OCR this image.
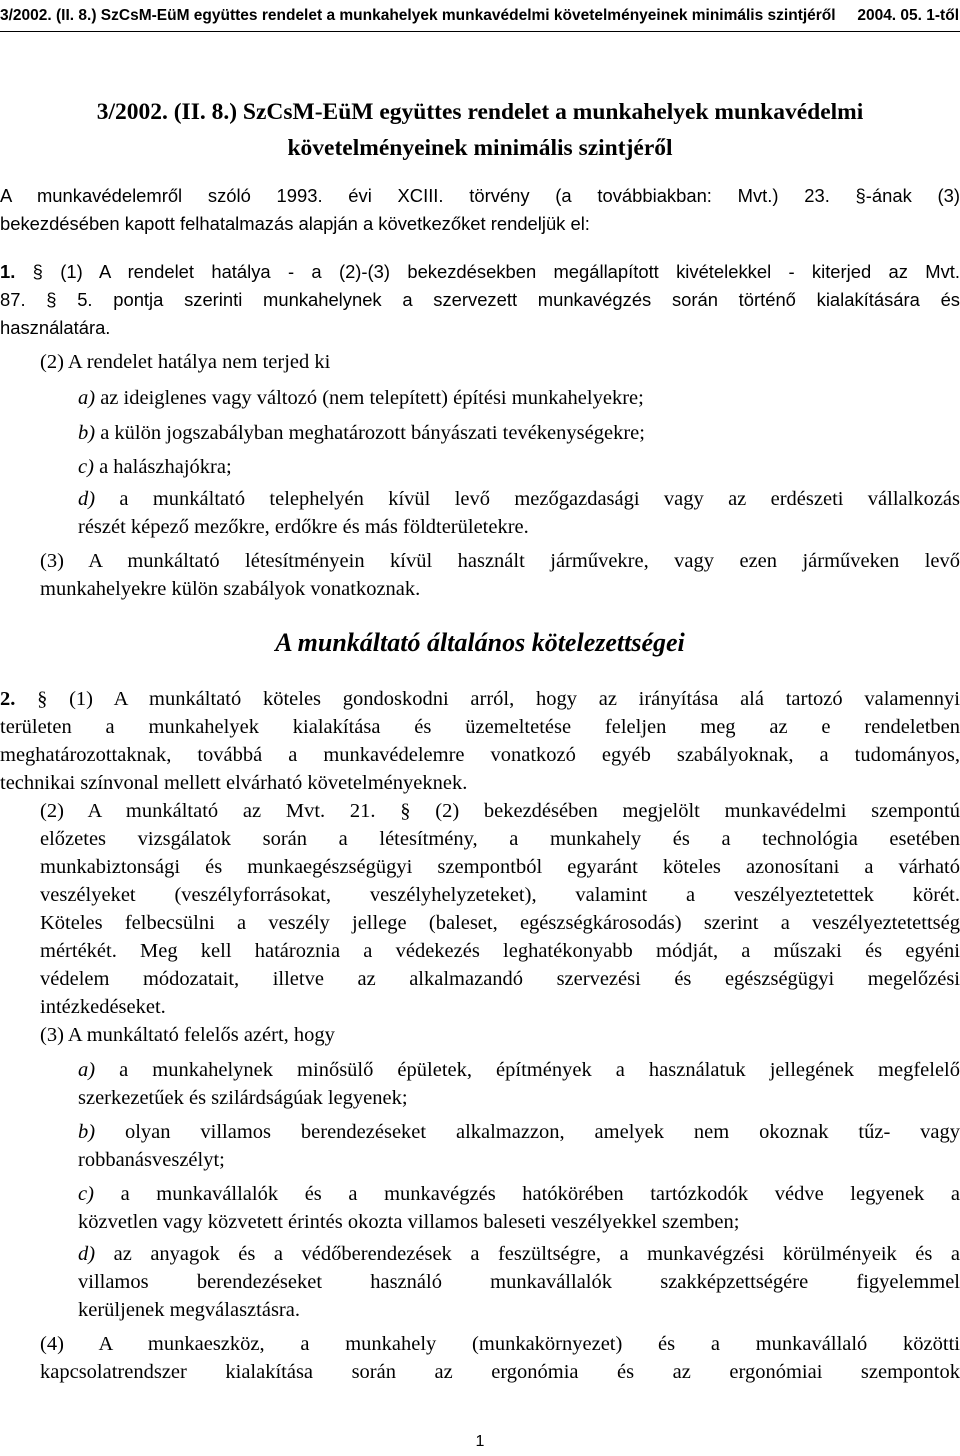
3/2002. (II. 8.) SzCsM-EüM együttes rendelet a munkahelyek munkavédelmi követelményeinek minimális szintjéről 2004. 05. 1-től
3/2002. (II. 8.) SzCsM-EüM együttes rendelet a munkahelyek munkavédelmi
követelményeinek minimális szintjéről
A munkavédelemről szóló 1993. évi XCIII. törvény (a továbbiakban: Mvt.) 23. §-ának (3)
bekezdésében kapott felhatalmazás alapján a következőket rendeljük el:
1. § (1) A rendelet hatálya - a (2)-(3) bekezdésekben megállapított kivételekkel - kiterjed az Mvt.
87. § 5. pontja szerinti munkahelynek a szervezett munkavégzés során történő kialakítására és
használatára.
(2) A rendelet hatálya nem terjed ki
a) az ideiglenes vagy változó (nem telepített) építési munkahelyekre;
b) a külön jogszabályban meghatározott bányászati tevékenységekre;
c) a halászhajókra;
d) a munkáltató telephelyén kívül levő mezőgazdasági vagy az erdészeti vállalkozás
részét képező mezőkre, erdőkre és más földterületekre.
(3) A munkáltató létesítményein kívül használt járművekre, vagy ezen járműveken levő
munkahelyekre külön szabályok vonatkoznak.
A munkáltató általános kötelezettségei
2. § (1) A munkáltató köteles gondoskodni arról, hogy az irányítása alá tartozó valamennyi
területen a munkahelyek kialakítása és üzemeltetése feleljen meg az e rendeletben
meghatározottaknak, továbbá a munkavédelemre vonatkozó egyéb szabályoknak, a tudományos,
technikai színvonal mellett elvárható követelményeknek.
(2) A munkáltató az Mvt. 21. § (2) bekezdésében megjelölt munkavédelmi szempontú
előzetes vizsgálatok során a létesítmény, a munkahely és a technológia esetében
munkabiztonsági és munkaegészségügyi szempontból egyaránt köteles azonosítani a várható
veszélyeket (veszélyforrásokat, veszélyhelyzeteket), valamint a veszélyeztetettek körét.
Köteles felbecsülni a veszély jellege (baleset, egészségkárosodás) szerint a veszélyeztetettség
mértékét. Meg kell határoznia a védekezés leghatékonyabb módját, a műszaki és egyéni
védelem módozatait, illetve az alkalmazandó szervezési és egészségügyi megelőzési
intézkedéseket.
(3) A munkáltató felelős azért, hogy
a) a munkahelynek minősülő épületek, építmények a használatuk jellegének megfelelő
szerkezetűek és szilárdságúak legyenek;
b) olyan villamos berendezéseket alkalmazzon, amelyek nem okoznak tűz- vagy
robbanásveszélyt;
c) a munkavállalók és a munkavégzés hatókörében tartózkodók védve legyenek a
közvetlen vagy közvetett érintés okozta villamos baleseti veszélyekkel szemben;
d) az anyagok és a védőberendezések a feszültségre, a munkavégzési körülményeik és a
villamos berendezéseket használó munkavállalók szakképzettségére figyelemmel
kerüljenek megválasztásra.
(4) A munkaeszköz, a munkahely (munkakörnyezet) és a munkavállaló közötti
kapcsolatrendszer kialakítása során az ergonómia és az ergonómiai szempontok
1
